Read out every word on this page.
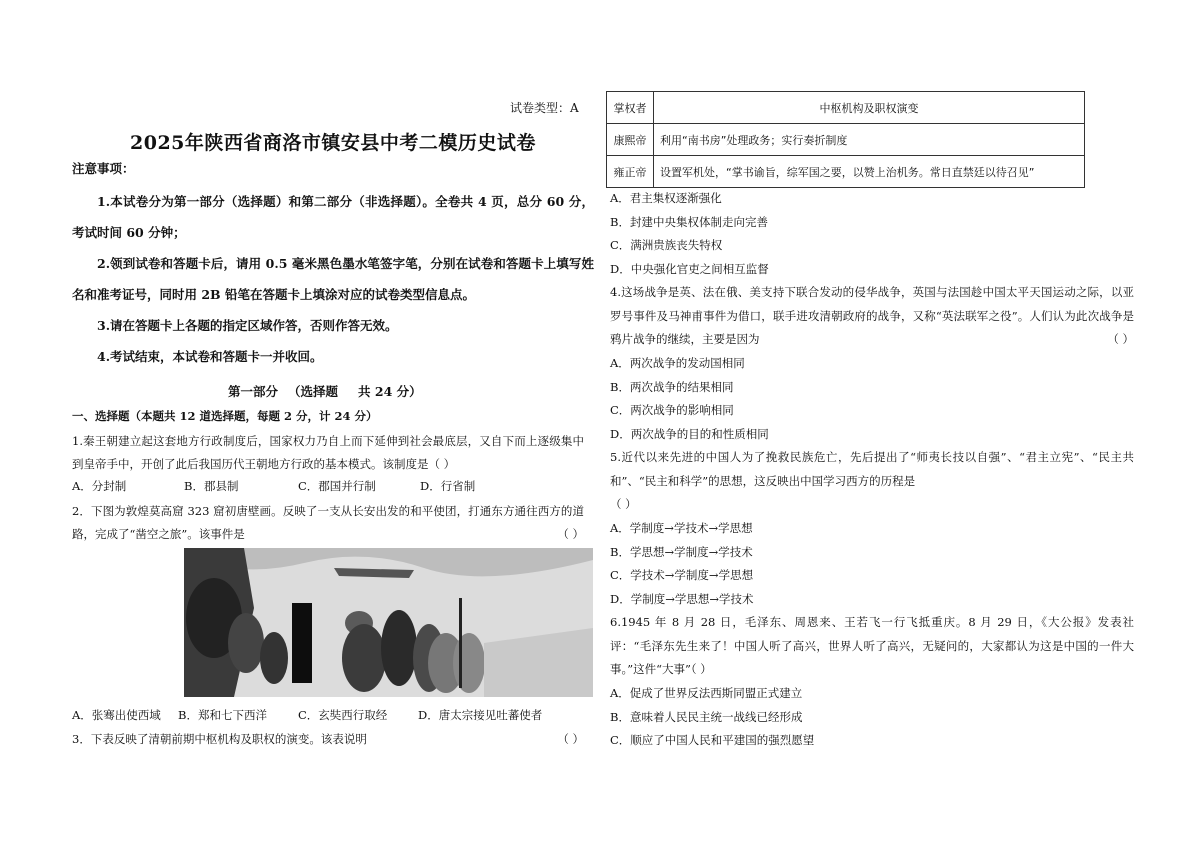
试卷类型：A
2025年陕西省商洛市镇安县中考二模历史试卷
注意事项：

1.本试卷分为第一部分（选择题）和第二部分（非选择题）。全卷共 4 页，总分 60 分，考试时间 60 分钟；

2.领到试卷和答题卡后，请用 0.5 毫米黑色墨水笔签字笔，分别在试卷和答题卡上填写姓名和准考证号，同时用 2B 铅笔在答题卡上填涂对应的试卷类型信息点。

3.请在答题卡上各题的指定区域作答，否则作答无效。

4.考试结束，本试卷和答题卡一并收回。

第一部分 （选择题 共 24 分）
一、选择题（本题共 12 道选择题，每题 2 分，计 24 分）

1.秦王朝建立起这套地方行政制度后，国家权力乃自上而下延伸到社会最底层，又自下而上逐级集中到皇帝手中，开创了此后我国历代王朝地方行政的基本模式。该制度是（ ）

A．分封制	B．郡县制	C．郡国并行制	D．行省制

2．下图为敦煌莫高窟 323 窟初唐壁画。反映了一支从长安出发的和平使团，打通东方通往西方的道路，完成了“凿空之旅”。该事件是	（ ）

A．张骞出使西域	B．郑和七下西洋	C．玄奘西行取经	D．唐太宗接见吐蕃使者

3．下表反映了清朝前期中枢机构及职权的演变。该表说明	（ ）

掌权者	中枢机构及职权演变
康熙帝	利用“南书房”处理政务；实行奏折制度
雍正帝	设置军机处，“掌书谕旨，综军国之要，以赞上治机务。常日直禁廷以待召见”

A．君主集权逐渐强化

B．封建中央集权体制走向完善

C．满洲贵族丧失特权

D．中央强化官吏之间相互监督

4.这场战争是英、法在俄、美支持下联合发动的侵华战争，英国与法国趁中国太平天国运动之际，以亚罗号事件及马神甫事件为借口，联手进攻清朝政府的战争，又称“英法联军之役”。人们认为此次战争是鸦片战争的继续，主要是因为	（ ）

A．两次战争的发动国相同

B．两次战争的结果相同

C．两次战争的影响相同

D．两次战争的目的和性质相同

5.近代以来先进的中国人为了挽救民族危亡，先后提出了“师夷长技以自强”、“君主立宪”、“民主共和”、“民主和科学”的思想，这反映出中国学习西方的历程是

（ ）

A．学制度→学技术→学思想

B．学思想→学制度→学技术

C．学技术→学制度→学思想

D．学制度→学思想→学技术

6.1945 年 8 月 28 日，毛泽东、周恩来、王若飞一行飞抵重庆。8 月 29 日，《大公报》发表社评：“毛泽东先生来了！中国人听了高兴，世界人听了高兴，无疑问的，大家都认为这是中国的一件大事。”这件“大事”（ ）

A．促成了世界反法西斯同盟正式建立

B．意味着人民民主统一战线已经形成

C．顺应了中国人民和平建国的强烈愿望
